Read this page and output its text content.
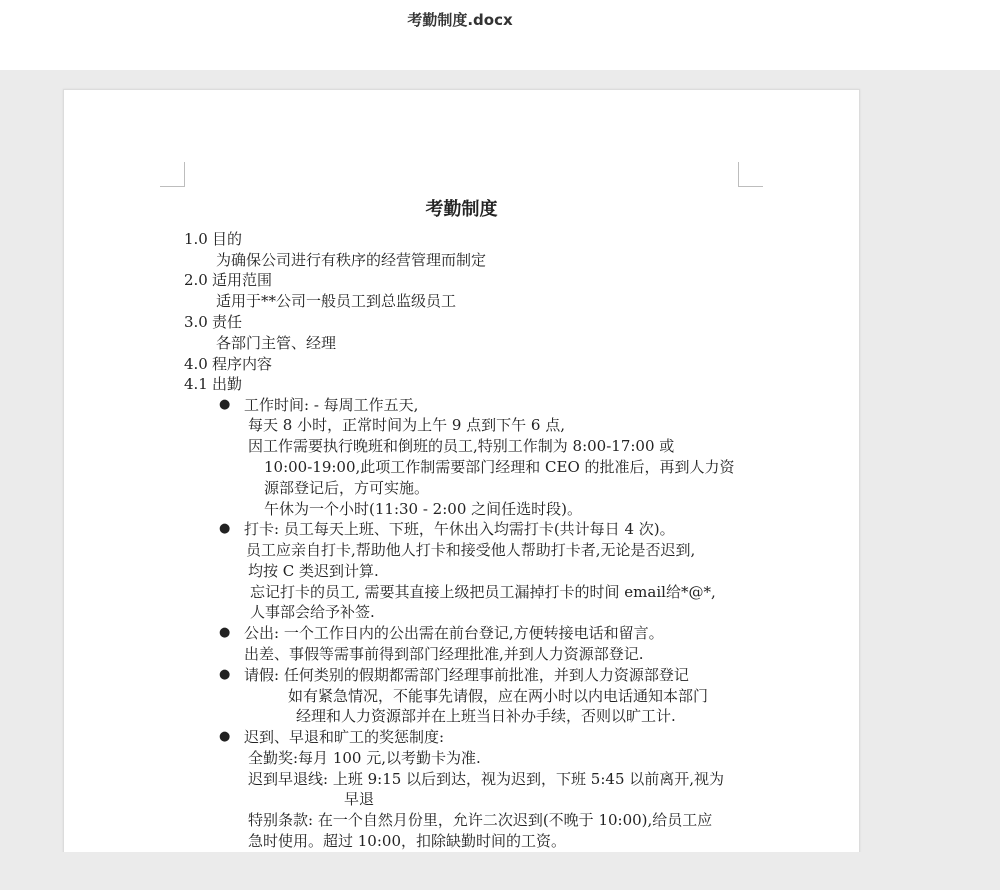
考勤制度.docx
考勤制度
1.0 目的
为确保公司进行有秩序的经营管理而制定
2.0 适用范围
适用于**公司一般员工到总监级员工
3.0 责任
各部门主管、经理
4.0 程序内容
4.1 出勤
● 工作时间: - 每周工作五天,
每天 8 小时，正常时间为上午 9 点到下午 6 点,
因工作需要执行晚班和倒班的员工,特别工作制为 8:00-17:00 或
10:00-19:00,此项工作制需要部门经理和 CEO 的批准后，再到人力资
源部登记后，方可实施。
午休为一个小时(11:30 - 2:00 之间任选时段)。
● 打卡: 员工每天上班、下班，午休出入均需打卡(共计每日 4 次)。
员工应亲自打卡,帮助他人打卡和接受他人帮助打卡者,无论是否迟到,
均按 C 类迟到计算.
忘记打卡的员工, 需要其直接上级把员工漏掉打卡的时间 email给*@*,
人事部会给予补签.
● 公出: 一个工作日内的公出需在前台登记,方便转接电话和留言。
出差、事假等需事前得到部门经理批准,并到人力资源部登记.
● 请假: 任何类别的假期都需部门经理事前批准，并到人力资源部登记
如有紧急情况，不能事先请假，应在两小时以内电话通知本部门
经理和人力资源部并在上班当日补办手续，否则以旷工计.
● 迟到、早退和旷工的奖惩制度:
全勤奖:每月 100 元,以考勤卡为准.
迟到早退线: 上班 9:15 以后到达，视为迟到，下班 5:45 以前离开,视为
早退
特别条款: 在一个自然月份里，允许二次迟到(不晚于 10:00),给员工应
急时使用。超过 10:00，扣除缺勤时间的工资。
